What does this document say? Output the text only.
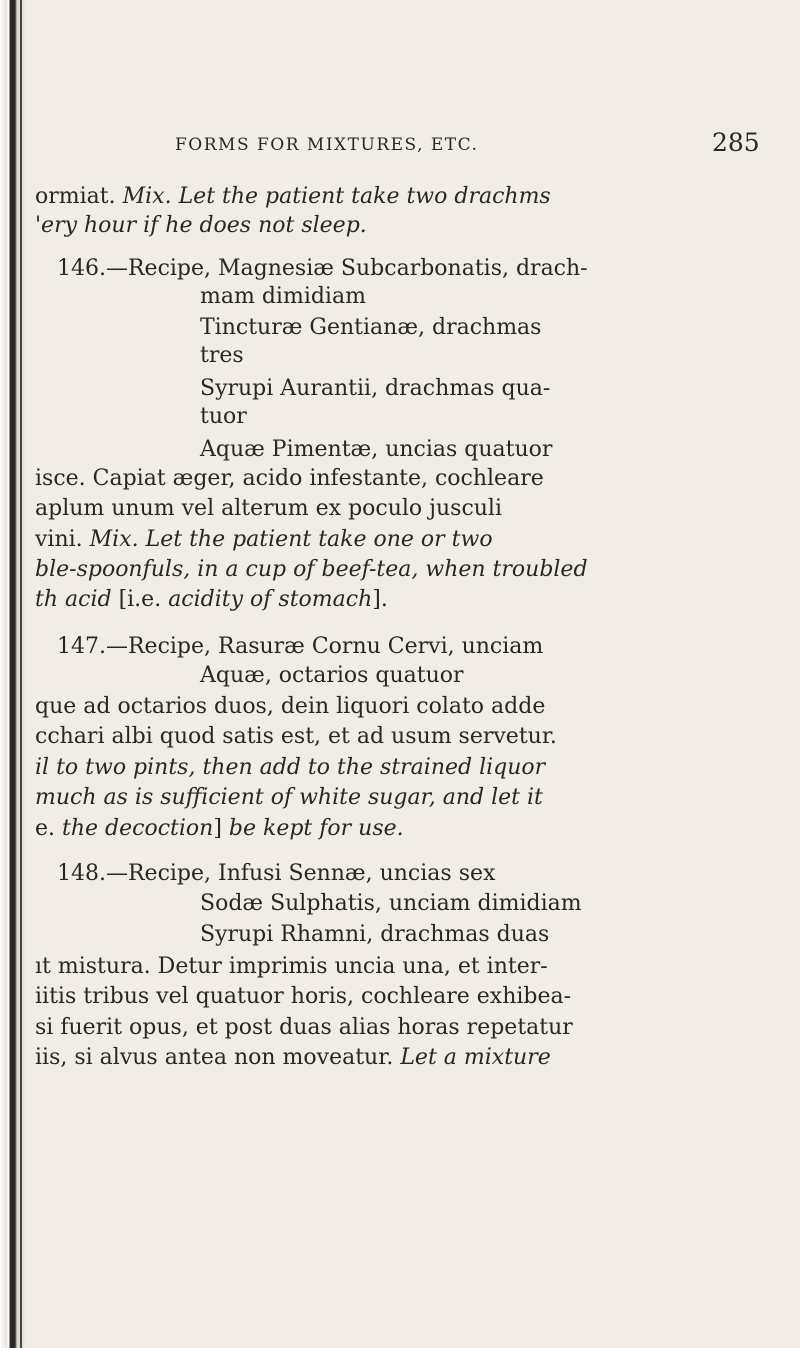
FORMS FOR MIXTURES, ETC.	285
ormiat. Mix. Let the patient take two drachms
'ery hour if he does not sleep.
146.—Recipe, Magnesiæ Subcarbonatis, drach-
mam dimidiam
Tincturæ Gentianæ, drachmas
tres
Syrupi Aurantii, drachmas qua-
tuor
Aquæ Pimentæ, uncias quatuor
isce. Capiat æger, acido infestante, cochleare
aplum unum vel alterum ex poculo jusculi
vini. Mix. Let the patient take one or two
ble-spoonfuls, in a cup of beef-tea, when troubled
th acid [i.e. acidity of stomach].
147.—Recipe, Rasuræ Cornu Cervi, unciam
Aquæ, octarios quatuor
que ad octarios duos, dein liquori colato adde
cchari albi quod satis est, et ad usum servetur.
il to two pints, then add to the strained liquor
much as is sufficient of white sugar, and let it
e. the decoction] be kept for use.
148.—Recipe, Infusi Sennæ, uncias sex
Sodæ Sulphatis, unciam dimidiam
Syrupi Rhamni, drachmas duas
ıt mistura. Detur imprimis uncia una, et inter-
iitis tribus vel quatuor horis, cochleare exhibea-
si fuerit opus, et post duas alias horas repetatur
iis, si alvus antea non moveatur. Let a mixture
